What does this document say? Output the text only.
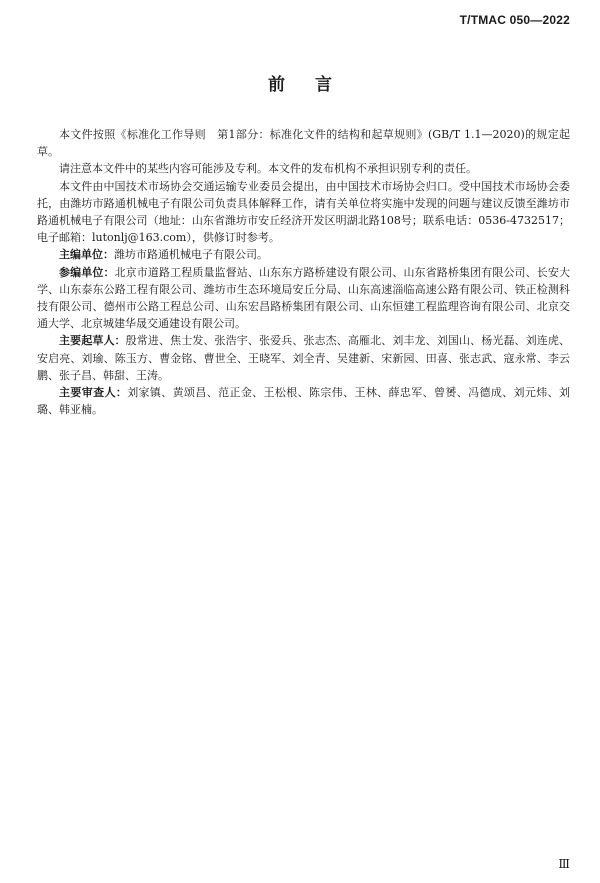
T/TMAC 050—2022
前言

本文件按照《标准化工作导则　第1部分：标准化文件的结构和起草规则》(GB/T 1.1—2020)的规定起草。

请注意本文件中的某些内容可能涉及专利。本文件的发布机构不承担识别专利的责任。

本文件由中国技术市场协会交通运输专业委员会提出，由中国技术市场协会归口。受中国技术市场协会委托，由潍坊市路通机械电子有限公司负责具体解释工作，请有关单位将实施中发现的问题与建议反馈至潍坊市路通机械电子有限公司（地址：山东省潍坊市安丘经济开发区明湖北路108号；联系电话：0536-4732517；电子邮箱：lutonlj@163.com），供修订时参考。

主编单位：潍坊市路通机械电子有限公司。

参编单位：北京市道路工程质量监督站、山东东方路桥建设有限公司、山东省路桥集团有限公司、长安大学、山东泰东公路工程有限公司、潍坊市生态环境局安丘分局、山东高速淄临高速公路有限公司、铁正检测科技有限公司、德州市公路工程总公司、山东宏昌路桥集团有限公司、山东恒建工程监理咨询有限公司、北京交通大学、北京城建华晟交通建设有限公司。

主要起草人：殷常进、焦士发、张浩宇、张爱兵、张志杰、高雁北、刘丰龙、刘国山、杨光磊、刘连虎、安启亮、刘瑜、陈玉方、曹金铭、曹世全、王晓军、刘全青、吴建新、宋新园、田喜、张志武、寇永常、李云鹏、张子昌、韩甜、王涛。

主要审查人：刘家镇、黄颂昌、范正金、王松根、陈宗伟、王林、薛忠军、曾赟、冯德成、刘元炜、刘璐、韩亚楠。

Ⅲ
